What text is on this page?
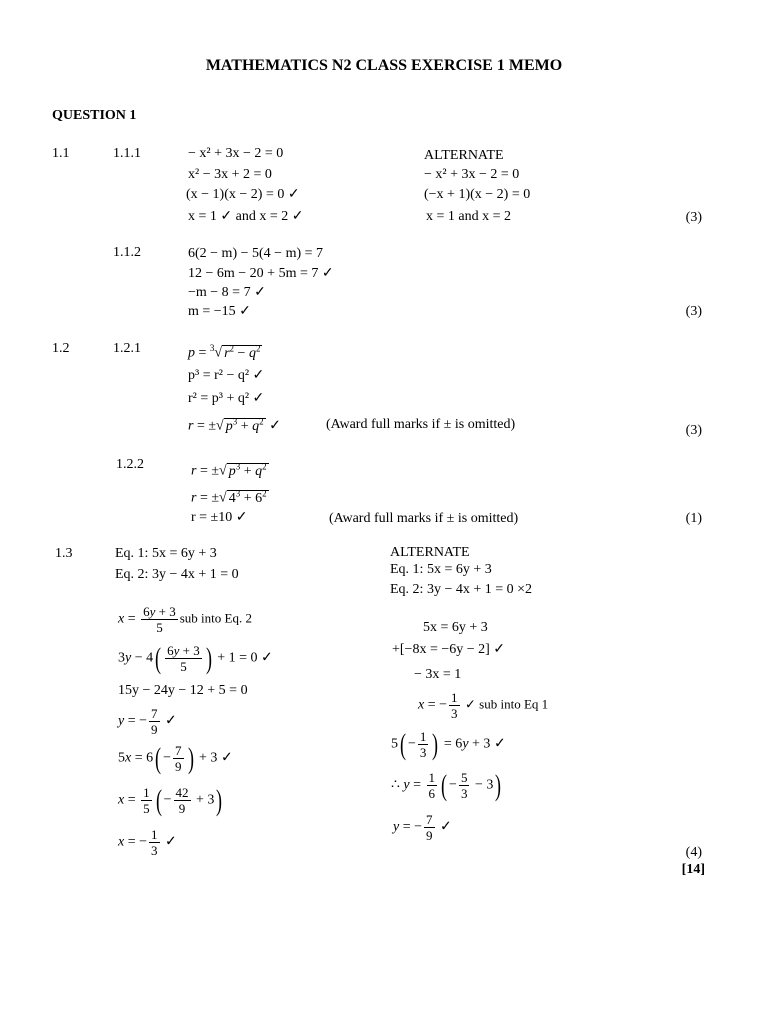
MATHEMATICS N2 CLASS EXERCISE 1 MEMO
QUESTION 1
1.1	1.1.1	− x² + 3x − 2 = 0
x² − 3x + 2 = 0
(x − 1)(x − 2) = 0 ✓
x = 1 ✓ and x = 2 ✓
ALTERNATE
− x² + 3x − 2 = 0
(−x + 1)(x − 2) = 0
x = 1 and x = 2	(3)
1.1.2	6(2 − m) − 5(4 − m) = 7
12 − 6m − 20 + 5m = 7 ✓
−m − 8 = 7 ✓
m = −15 ✓	(3)
1.2	1.2.1	p = $^3$√ $r^2 - q^2$
p³ = r² − q² ✓
r² = p³ + q² ✓
r = ±√ $p^3 + q^2$ ✓	(Award full marks if ± is omitted)	(3)
1.2.2	r = ±√ $p^3 + q^2$
r = ±√ $4^3 + 6^2$
r = ±10 ✓	(Award full marks if ± is omitted)	(1)
1.3	Eq. 1: 5x = 6y + 3
Eq. 2: 3y − 4x + 1 = 0
$x = \frac{6y + 3}{5}$ sub into Eq. 2
$3y - 4( \frac{6y + 3}{5}$ ) + 1 = 0 ✓
15y − 24y − 12 + 5 = 0
y = − $\frac{7}{9}$ ✓
$5x = 6( - \frac{7}{9}$ ) + 3 ✓
$x = \frac{1}{5}$ ( − $\frac{42}{9} + 3$)
x = − $\frac{1}{3}$ ✓
ALTERNATE
Eq. 1: 5x = 6y + 3
Eq. 2: 3y − 4x + 1 = 0 ×2
5x = 6y + 3
+[−8x = −6y − 2] ✓
− 3x = 1
x = − $\frac{1}{3}$ ✓ sub into Eq 1
$5( - \frac{1}{3}$ ) = 6y + 3 ✓
∴ $y = \frac{1}{6}$ ( − $\frac{5}{3} - 3$)
y = − $\frac{7}{9}$ ✓
(4)
[14]
